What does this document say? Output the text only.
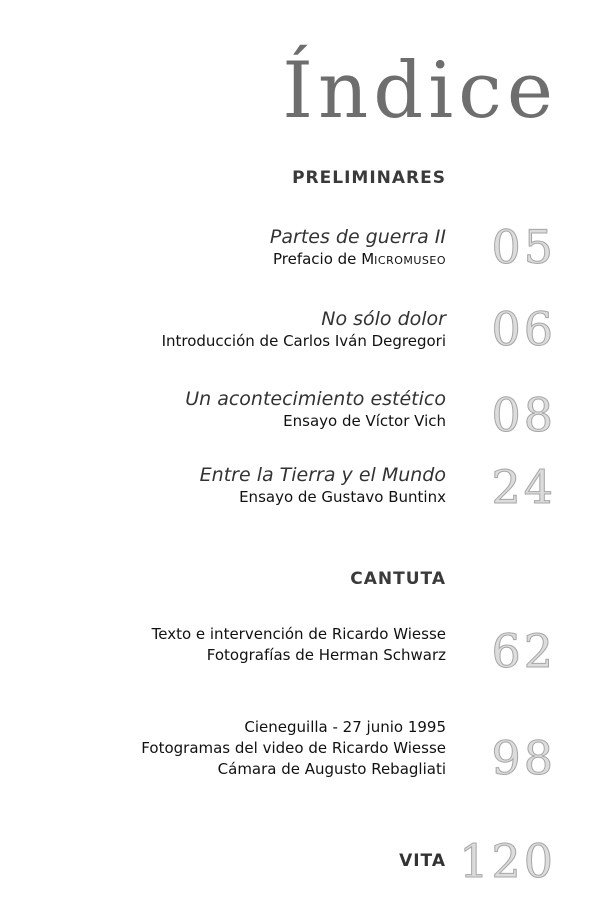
Índice
PRELIMINARES
Partes de guerra II
Prefacio de MICROMUSEO 05
No sólo dolor
Introducción de Carlos Iván Degregori 06
Un acontecimiento estético
Ensayo de Víctor Vich 08
Entre la Tierra y el Mundo
Ensayo de Gustavo Buntinx 24
CANTUTA
Texto e intervención de Ricardo Wiesse
Fotografías de Herman Schwarz 62
Cieneguilla - 27 junio 1995
Fotogramas del video de Ricardo Wiesse
Cámara de Augusto Rebagliati 98
VITA 120
